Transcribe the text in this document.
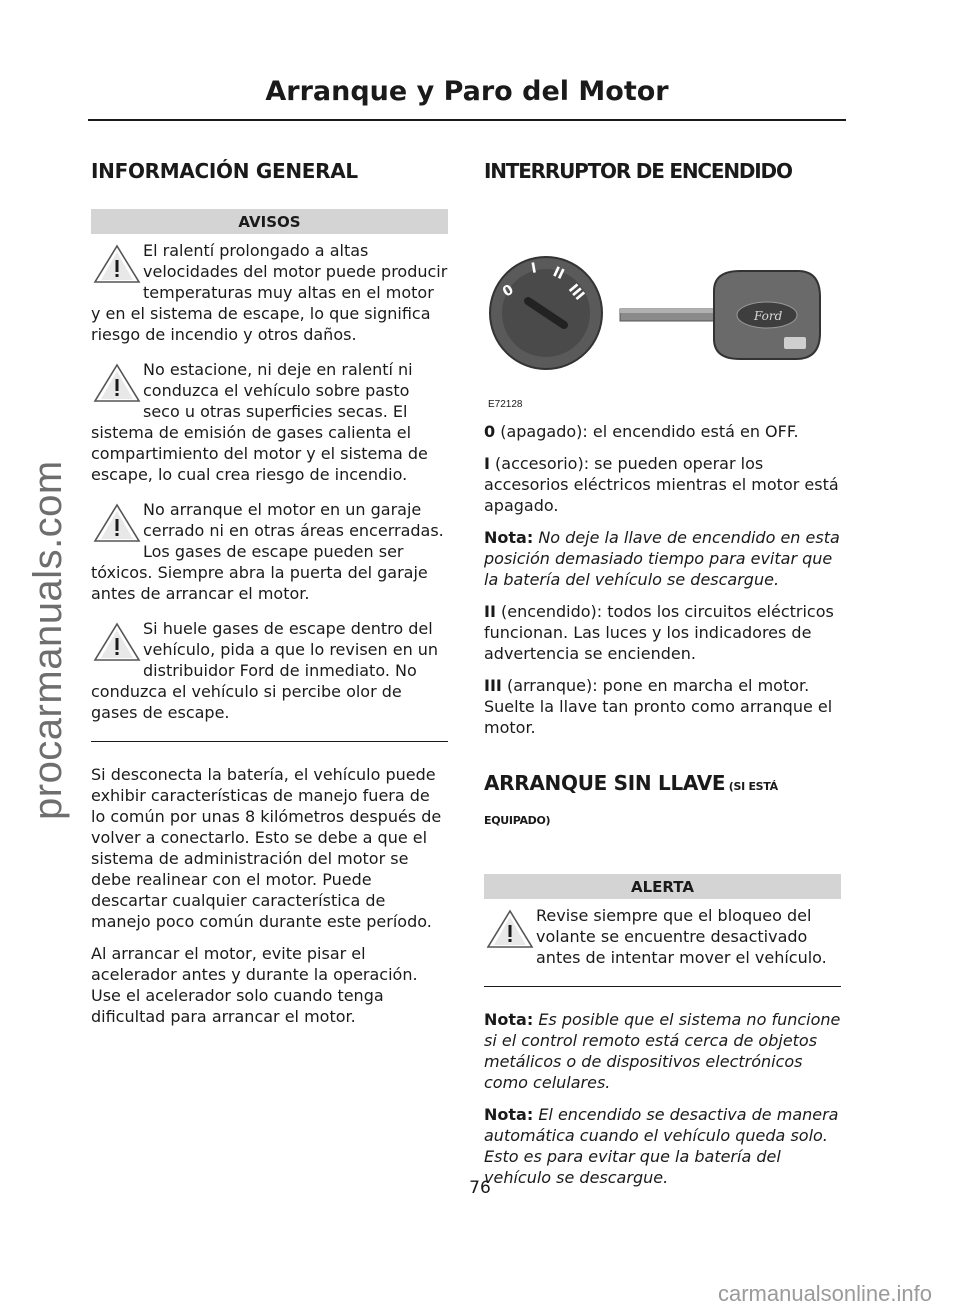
procarmanuals.com
Arranque y Paro del Motor
INFORMACIÓN GENERAL
AVISOS
El ralentí prolongado a altas velocidades del motor puede producir temperaturas muy altas en el motor y en el sistema de escape, lo que significa riesgo de incendio y otros daños.
No estacione, ni deje en ralentí ni conduzca el vehículo sobre pasto seco u otras superficies secas. El sistema de emisión de gases calienta el compartimiento del motor y el sistema de escape, lo cual crea riesgo de incendio.
No arranque el motor en un garaje cerrado ni en otras áreas encerradas. Los gases de escape pueden ser tóxicos. Siempre abra la puerta del garaje antes de arrancar el motor.
Si huele gases de escape dentro del vehículo, pida a que lo revisen en un distribuidor Ford de inmediato. No conduzca el vehículo si percibe olor de gases de escape.

Si desconecta la batería, el vehículo puede exhibir características de manejo fuera de lo común por unas 8 kilómetros después de volver a conectarlo. Esto se debe a que el sistema de administración del motor se debe realinear con el motor. Puede descartar cualquier característica de manejo poco común durante este período.

Al arrancar el motor, evite pisar el acelerador antes y durante la operación. Use el acelerador solo cuando tenga dificultad para arrancar el motor.

INTERRUPTOR DE ENCENDIDO
0
I II
III
Ford
E72128

0 (apagado): el encendido está en OFF.

I (accesorio): se pueden operar los accesorios eléctricos mientras el motor está apagado.

Nota: No deje la llave de encendido en esta posición demasiado tiempo para evitar que la batería del vehículo se descargue.

II (encendido): todos los circuitos eléctricos funcionan. Las luces y los indicadores de advertencia se encienden.

III (arranque): pone en marcha el motor. Suelte la llave tan pronto como arranque el motor.

ARRANQUE SIN LLAVE (SI ESTÁ EQUIPADO)
ALERTA
Revise siempre que el bloqueo del volante se encuentre desactivado antes de intentar mover el vehículo.

Nota: Es posible que el sistema no funcione si el control remoto está cerca de objetos metálicos o de dispositivos electrónicos como celulares.

Nota: El encendido se desactiva de manera automática cuando el vehículo queda solo. Esto es para evitar que la batería del vehículo se descargue.

76
carmanualsonline.info
